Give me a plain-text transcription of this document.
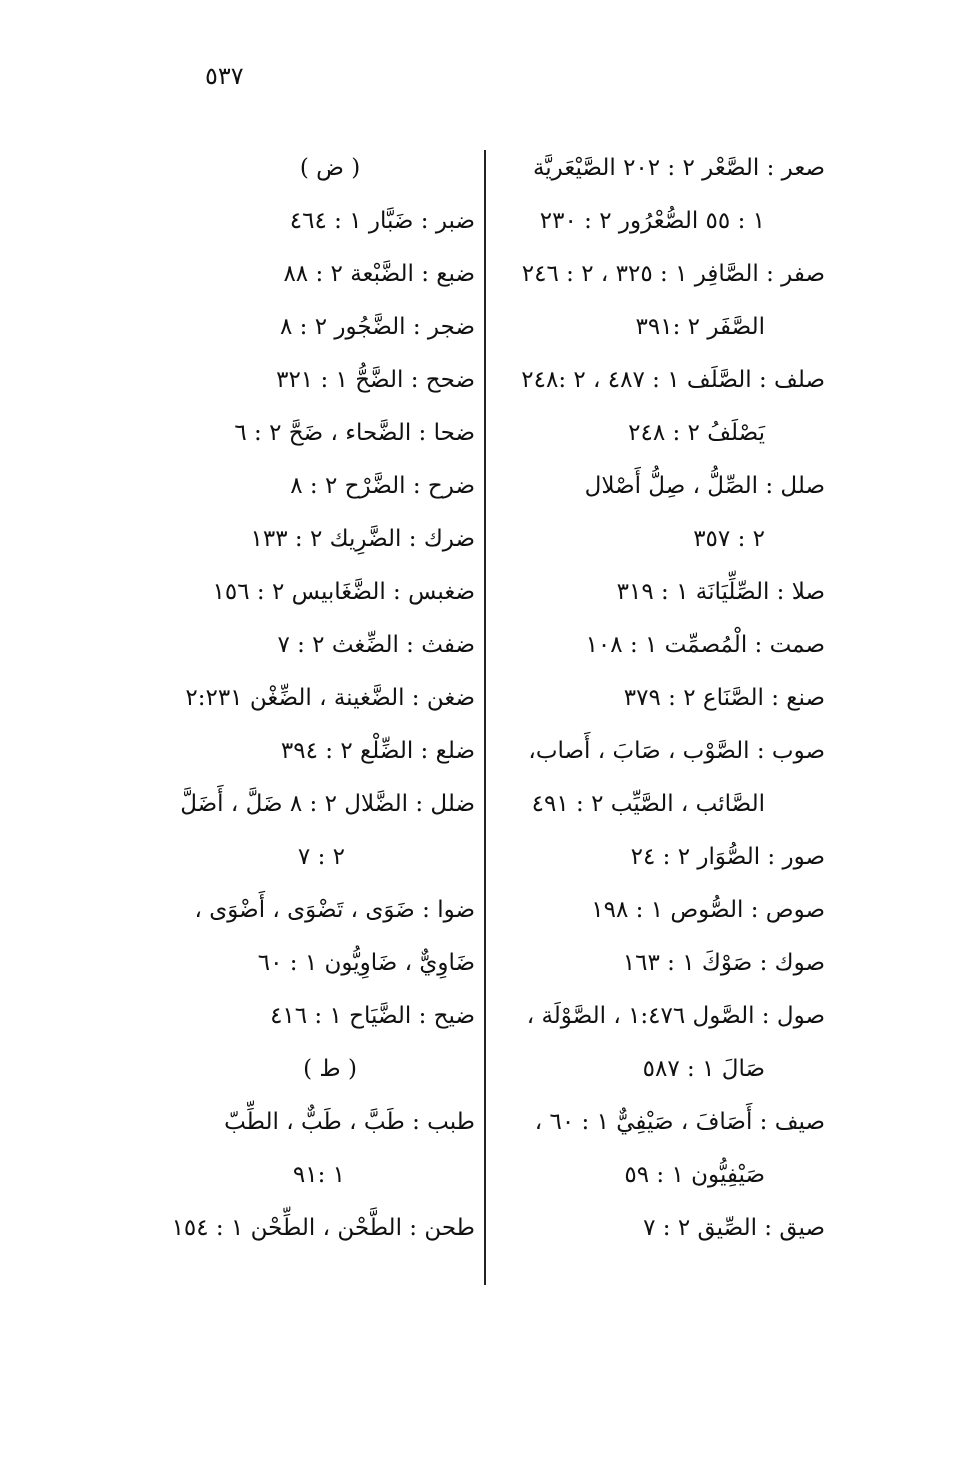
٥٣٧
صعر : الصَّعْر ٢ : ٢٠٢ الصَّيْعَريَّة
١ : ٥٥ الصُّعْرُور ٢ : ٢٣٠
صفر : الصَّافِر ١ : ٣٢٥ ، ٢ : ٢٤٦
الصَّفَر ٢ :٣٩١
صلف : الصَّلَف ١ : ٤٨٧ ، ٢ :٢٤٨
يَصْلَفُ ٢ : ٢٤٨
صلل : الصِّلُّ ، صِلُّ أَصْلال
٢ : ٣٥٧
صلا : الصِّلِّيَانَة ١ : ٣١٩
صمت : الْمُصمِّت ١ : ١٠٨
صنع : الصَّنَاع ٢ : ٣٧٩
صوب : الصَّوْب ، صَابَ ، أَصاب،
الصَّائب ، الصَّيِّب ٢ : ٤٩١
صور : الصُّوَار ٢ : ٢٤
صوص : الصُّوص ١ : ١٩٨
صوك : صَوْكَ ١ : ١٦٣
صول : الصَّول ١:٤٧٦ ، الصَّوْلَة ،
صَالَ ١ : ٥٨٧
صيف : أَصَافَ ، صَيْفِيٌّ ١ : ٦٠ ،
صَيْفِيُّون ١ : ٥٩
صيق : الصِّيق ٢ : ٧
( ض )
ضبر : ضَبَّار ١ : ٤٦٤
ضبع : الضَّبْعة ٢ : ٨٨
ضجر : الضَّجُور ٢ : ٨
ضحح : الضَّحُّ ١ : ٣٢١
ضحا : الضَّحاء ، ضَحَّ ٢ : ٦
ضرح : الضَّرْح ٢ : ٨
ضرك : الضَّرِيك ٢ : ١٣٣
ضغبس : الضَّغَابيس ٢ : ١٥٦
ضفث : الضِّغث ٢ : ٧
ضغن : الضَّغينة ، الضِّغْن ٢:٢٣١
ضلع : الضِّلْع ٢ : ٣٩٤
ضلل : الضَّلال ٢ : ٨ ضَلَّ ، أَضَلَّ
٢ : ٧
ضوا : ضَوَى ، تَضْوَى ، أَضْوَى ،
ضَاوِيٌّ ، ضَاوِيُّون ١ : ٦٠
ضيح : الضَّيَاح ١ : ٤١٦
( ط )
طبب : طَبَّ ، طَبٌّ ، الطِّبّ
١ :٩١
طحن : الطَّحْن ، الطِّحْن ١ : ١٥٤
